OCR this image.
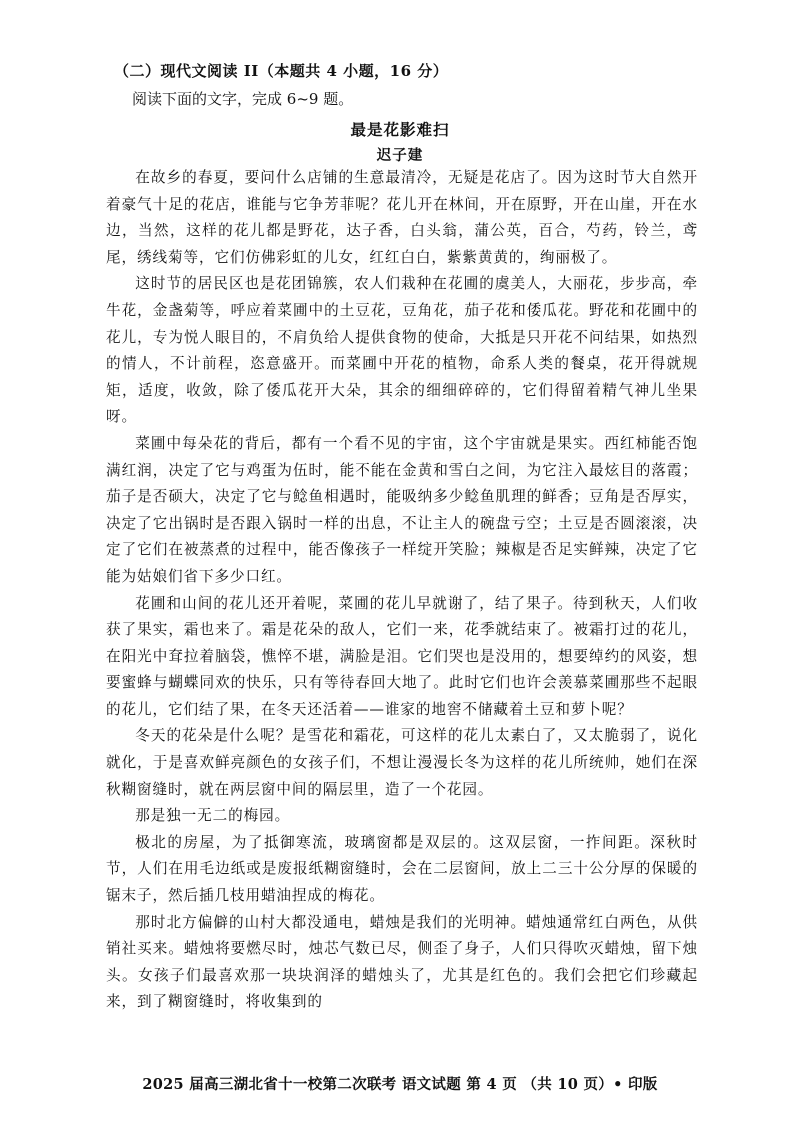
（二）现代文阅读 II（本题共 4 小题，16 分）
阅读下面的文字，完成 6~9 题。
最是花影难扫
迟子建

在故乡的春夏，要问什么店铺的生意最清冷，无疑是花店了。因为这时节大自然开着豪气十足的花店，谁能与它争芳菲呢？花儿开在林间，开在原野，开在山崖，开在水边，当然，这样的花儿都是野花，达子香，白头翁，蒲公英，百合，芍药，铃兰，鸢尾，绣线菊等，它们仿佛彩虹的儿女，红红白白，紫紫黄黄的，绚丽极了。

这时节的居民区也是花团锦簇，农人们栽种在花圃的虞美人，大丽花，步步高，牵牛花，金盏菊等，呼应着菜圃中的土豆花，豆角花，茄子花和倭瓜花。野花和花圃中的花儿，专为悦人眼目的，不肩负给人提供食物的使命，大抵是只开花不问结果，如热烈的情人，不计前程，恣意盛开。而菜圃中开花的植物，命系人类的餐桌，花开得就规矩，适度，收敛，除了倭瓜花开大朵，其余的细细碎碎的，它们得留着精气神儿坐果呀。

菜圃中每朵花的背后，都有一个看不见的宇宙，这个宇宙就是果实。西红柿能否饱满红润，决定了它与鸡蛋为伍时，能不能在金黄和雪白之间，为它注入最炫目的落霞；茄子是否硕大，决定了它与鲶鱼相遇时，能吸纳多少鲶鱼肌理的鲜香；豆角是否厚实，决定了它出锅时是否跟入锅时一样的出息，不让主人的碗盘亏空；土豆是否圆滚滚，决定了它们在被蒸煮的过程中，能否像孩子一样绽开笑脸；辣椒是否足实鲜辣，决定了它能为姑娘们省下多少口红。

花圃和山间的花儿还开着呢，菜圃的花儿早就谢了，结了果子。待到秋天，人们收获了果实，霜也来了。霜是花朵的敌人，它们一来，花季就结束了。被霜打过的花儿，在阳光中耷拉着脑袋，憔悴不堪，满脸是泪。它们哭也是没用的，想要绰约的风姿，想要蜜蜂与蝴蝶同欢的快乐，只有等待春回大地了。此时它们也许会羡慕菜圃那些不起眼的花儿，它们结了果，在冬天还活着——谁家的地窖不储藏着土豆和萝卜呢？

冬天的花朵是什么呢？是雪花和霜花，可这样的花儿太素白了，又太脆弱了，说化就化，于是喜欢鲜亮颜色的女孩子们，不想让漫漫长冬为这样的花儿所统帅，她们在深秋糊窗缝时，就在两层窗中间的隔层里，造了一个花园。

那是独一无二的梅园。

极北的房屋，为了抵御寒流，玻璃窗都是双层的。这双层窗，一拃间距。深秋时节，人们在用毛边纸或是废报纸糊窗缝时，会在二层窗间，放上二三十公分厚的保暖的锯末子，然后插几枝用蜡油捏成的梅花。

那时北方偏僻的山村大都没通电，蜡烛是我们的光明神。蜡烛通常红白两色，从供销社买来。蜡烛将要燃尽时，烛芯气数已尽，侧歪了身子，人们只得吹灭蜡烛，留下烛头。女孩子们最喜欢那一块块润泽的蜡烛头了，尤其是红色的。我们会把它们珍藏起来，到了糊窗缝时，将收集到的

2025 届高三湖北省十一校第二次联考 语文试题 第 4 页 （共 10 页）• 印版
